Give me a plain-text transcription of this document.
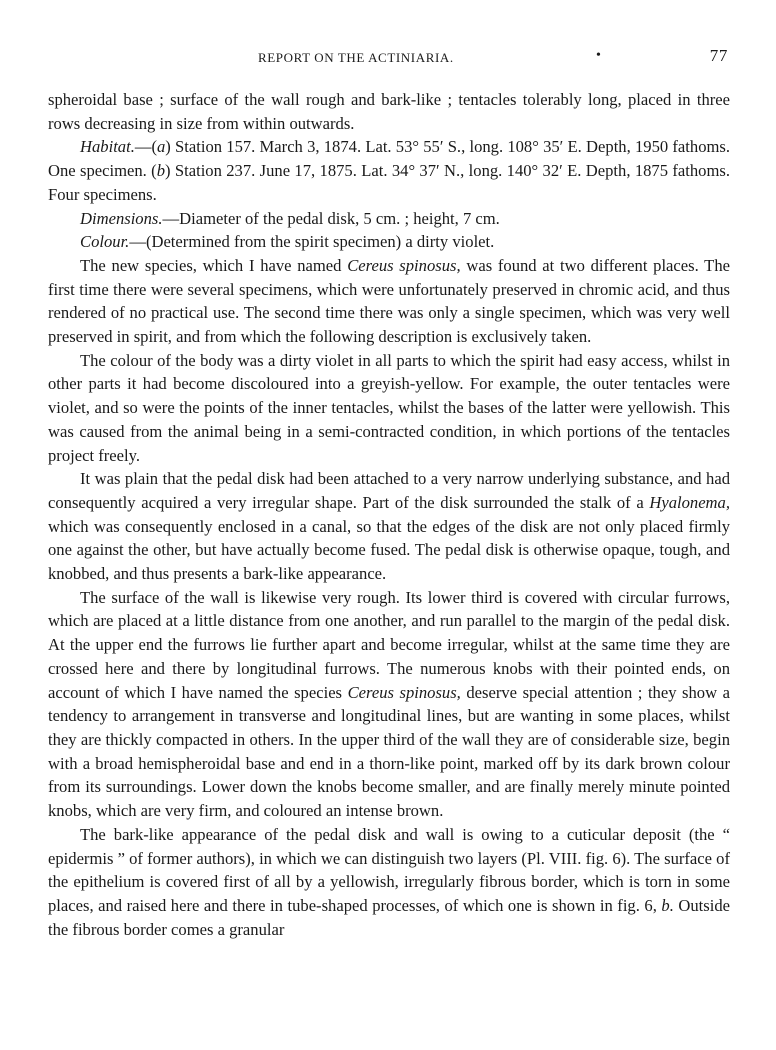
REPORT ON THE ACTINIARIA.	•	77

spheroidal base ; surface of the wall rough and bark-like ; tentacles tolerably long, placed in three rows decreasing in size from within outwards.

Habitat.—(a) Station 157. March 3, 1874. Lat. 53° 55′ S., long. 108° 35′ E. Depth, 1950 fathoms. One specimen. (b) Station 237. June 17, 1875. Lat. 34° 37′ N., long. 140° 32′ E. Depth, 1875 fathoms. Four specimens.

Dimensions.—Diameter of the pedal disk, 5 cm. ; height, 7 cm.

Colour.—(Determined from the spirit specimen) a dirty violet.

The new species, which I have named Cereus spinosus, was found at two different places. The first time there were several specimens, which were unfortunately preserved in chromic acid, and thus rendered of no practical use. The second time there was only a single specimen, which was very well preserved in spirit, and from which the following description is exclusively taken.

The colour of the body was a dirty violet in all parts to which the spirit had easy access, whilst in other parts it had become discoloured into a greyish-yellow. For example, the outer tentacles were violet, and so were the points of the inner tentacles, whilst the bases of the latter were yellowish. This was caused from the animal being in a semi-contracted condition, in which portions of the tentacles project freely.

It was plain that the pedal disk had been attached to a very narrow underlying substance, and had consequently acquired a very irregular shape. Part of the disk surrounded the stalk of a Hyalonema, which was consequently enclosed in a canal, so that the edges of the disk are not only placed firmly one against the other, but have actually become fused. The pedal disk is otherwise opaque, tough, and knobbed, and thus presents a bark-like appearance.

The surface of the wall is likewise very rough. Its lower third is covered with circular furrows, which are placed at a little distance from one another, and run parallel to the margin of the pedal disk. At the upper end the furrows lie further apart and become irregular, whilst at the same time they are crossed here and there by longitudinal furrows. The numerous knobs with their pointed ends, on account of which I have named the species Cereus spinosus, deserve special attention ; they show a tendency to arrangement in transverse and longitudinal lines, but are wanting in some places, whilst they are thickly compacted in others. In the upper third of the wall they are of considerable size, begin with a broad hemispheroidal base and end in a thorn-like point, marked off by its dark brown colour from its surroundings. Lower down the knobs become smaller, and are finally merely minute pointed knobs, which are very firm, and coloured an intense brown.

The bark-like appearance of the pedal disk and wall is owing to a cuticular deposit (the “ epidermis ” of former authors), in which we can distinguish two layers (Pl. VIII. fig. 6). The surface of the epithelium is covered first of all by a yellowish, irregularly fibrous border, which is torn in some places, and raised here and there in tube-shaped processes, of which one is shown in fig. 6, b. Outside the fibrous border comes a granular
